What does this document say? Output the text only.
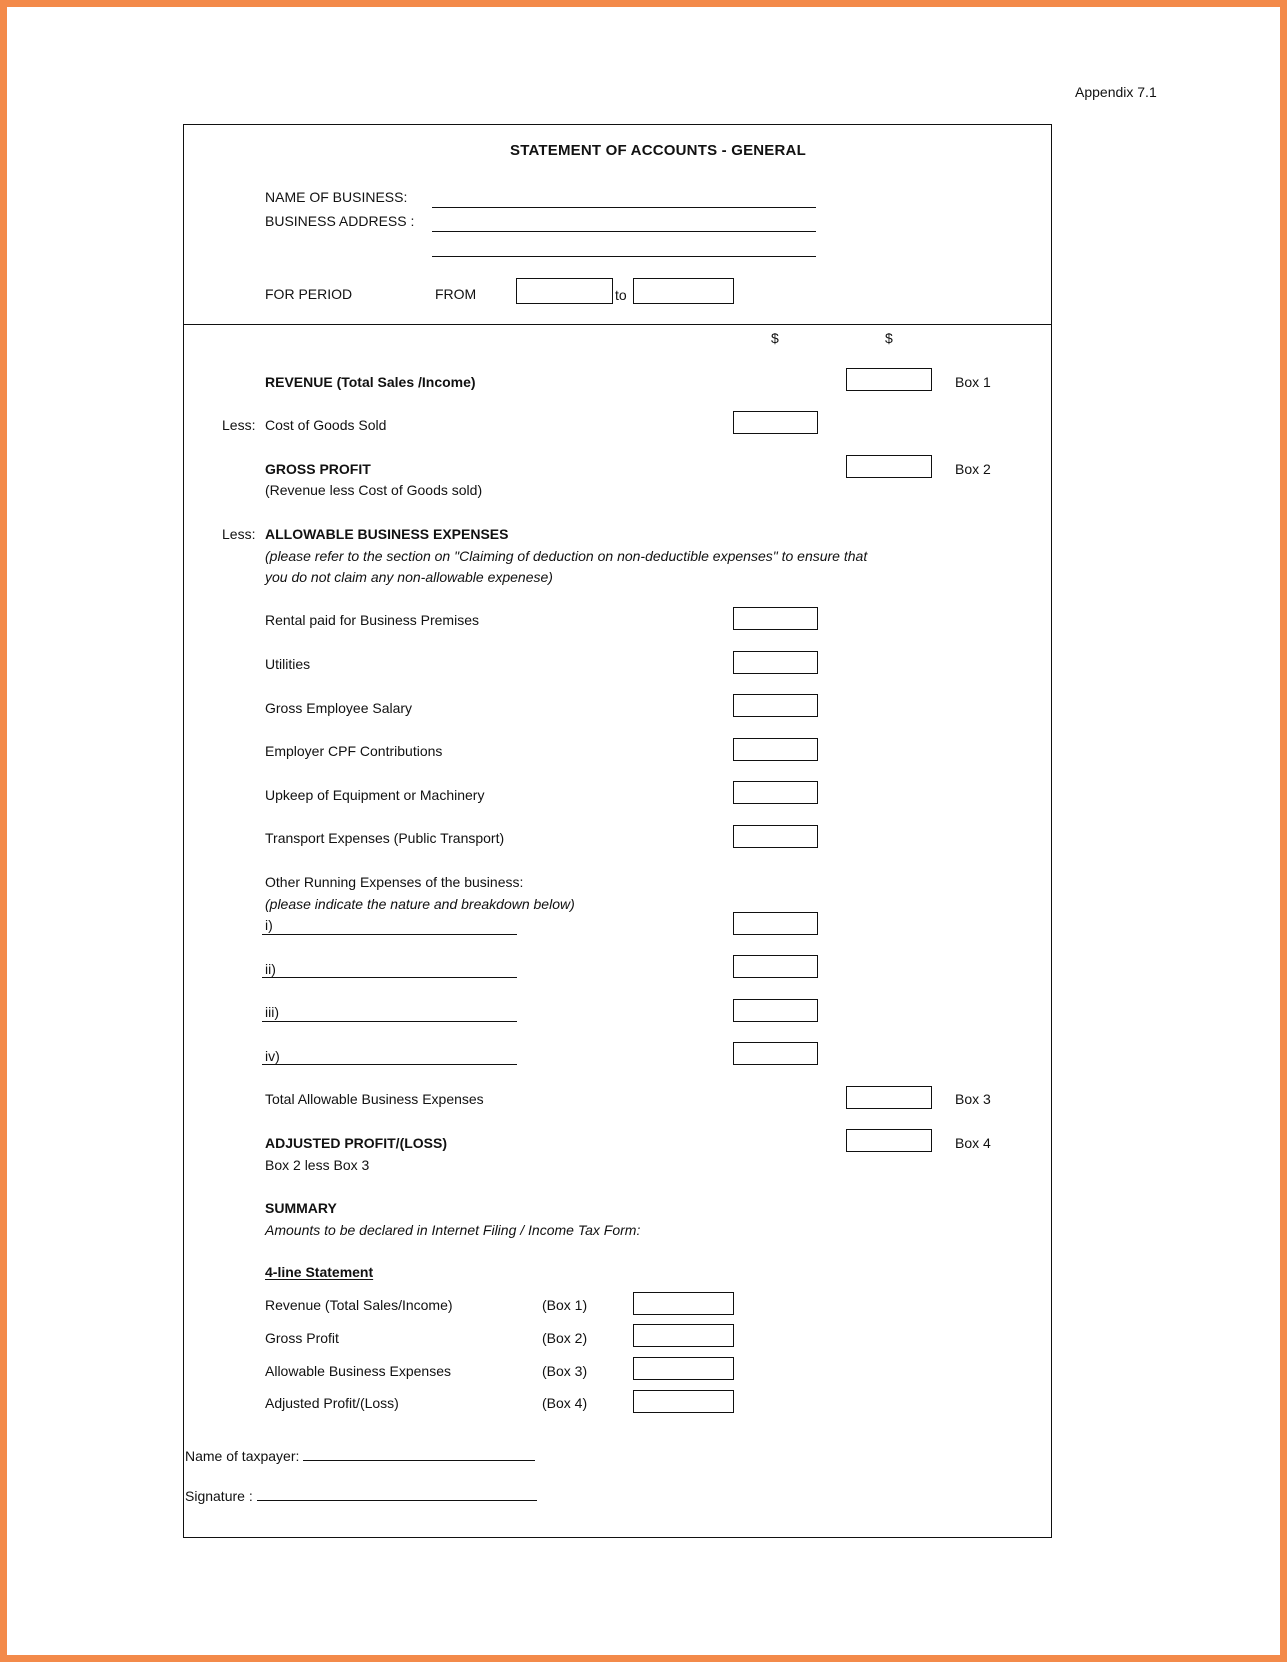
Appendix 7.1
STATEMENT OF ACCOUNTS - GENERAL
NAME OF BUSINESS:
BUSINESS ADDRESS :
FOR PERIOD	FROM	to
$	$
REVENUE (Total Sales /Income)	Box 1
Less: Cost of Goods Sold
GROSS PROFIT	Box 2
(Revenue less Cost of Goods sold)
Less: ALLOWABLE BUSINESS EXPENSES
(please refer to the section on "Claiming of deduction on non-deductible expenses" to ensure that
you do not claim any non-allowable expenese)
Rental paid for Business Premises
Utilities
Gross Employee Salary
Employer CPF Contributions
Upkeep of Equipment or Machinery
Transport Expenses (Public Transport)
Other Running Expenses of the business:
(please indicate the nature and breakdown below)
i)
ii)
iii)
iv)
Total Allowable Business Expenses	Box 3
ADJUSTED PROFIT/(LOSS)	Box 4
Box 2 less Box 3
SUMMARY
Amounts to be declared in Internet Filing / Income Tax Form:
4-line Statement
Revenue (Total Sales/Income)	(Box 1)
Gross Profit	(Box 2)
Allowable Business Expenses	(Box 3)
Adjusted Profit/(Loss)	(Box 4)
Name of taxpayer:
Signature :
